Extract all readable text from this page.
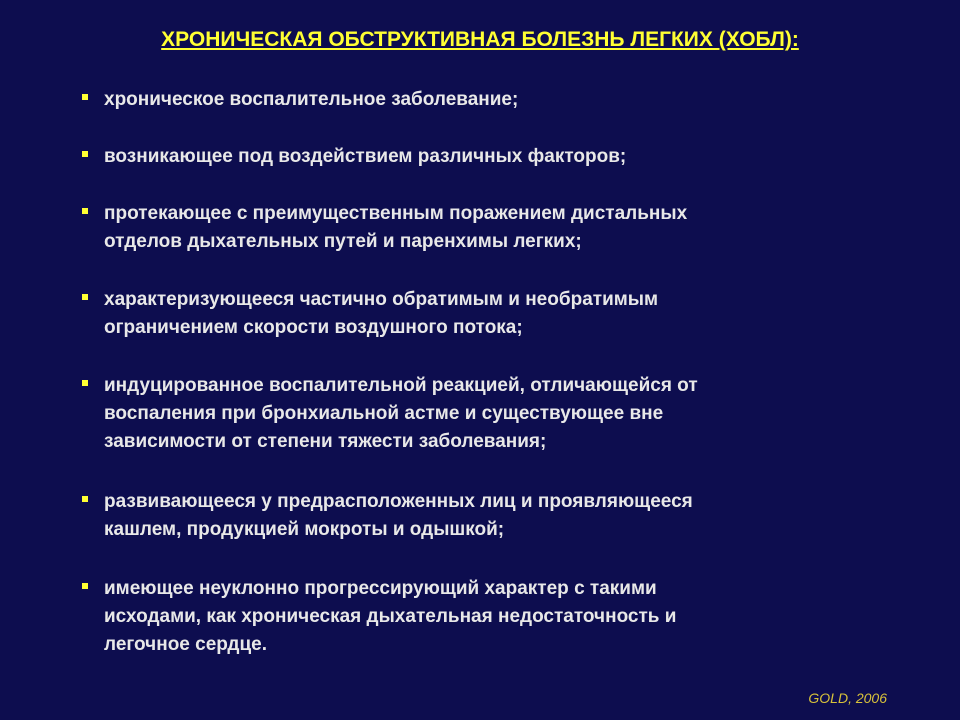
ХРОНИЧЕСКАЯ ОБСТРУКТИВНАЯ БОЛЕЗНЬ ЛЕГКИХ (ХОБЛ):
хроническое воспалительное заболевание;
возникающее под воздействием различных факторов;
протекающее с преимущественным поражением дистальных
отделов дыхательных путей и паренхимы легких;
характеризующееся частично обратимым и необратимым
ограничением скорости воздушного потока;
индуцированное воспалительной реакцией, отличающейся от
воспаления при бронхиальной астме и существующее вне
зависимости от степени тяжести заболевания;
развивающееся у предрасположенных лиц и проявляющееся
кашлем, продукцией мокроты и одышкой;
имеющее неуклонно прогрессирующий характер с такими
исходами, как хроническая дыхательная недостаточность и
легочное сердце.
GOLD, 2006
